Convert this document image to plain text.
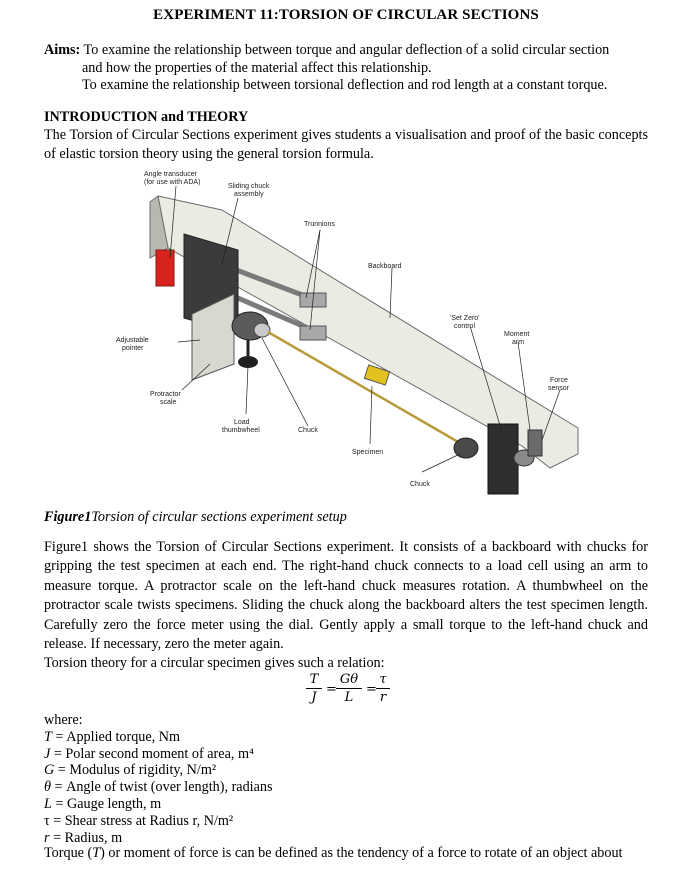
EXPERIMENT 11:TORSION OF CIRCULAR SECTIONS
Aims: To examine the relationship between torque and angular deflection of a solid circular section
and how the properties of the material affect this relationship.
To examine the relationship between torsional deflection and rod length at a constant torque.
INTRODUCTION and THEORY
The Torsion of Circular Sections experiment gives students a visualisation and proof of the basic concepts of elastic torsion theory using the general torsion formula.
Angle transducer
(for use with ADA)
Sliding chuck
assembly
Trunnions
Backboard
'Set Zero'
control
Moment
arm
Force
sensor
Adjustable
pointer
Protractor
scale
Load
thumbwheel	Chuck
Specimen
Chuck
Figure1Torsion of circular sections experiment setup
Figure1 shows the Torsion of Circular Sections experiment. It consists of a backboard with chucks for gripping the test specimen at each end. The right-hand chuck connects to a load cell using an arm to measure torque. A protractor scale on the left-hand chuck measures rotation. A thumbwheel on the protractor scale twists specimens. Sliding the chuck along the backboard alters the test specimen length. Carefully zero the force meter using the dial. Gently apply a small torque to the left-hand chuck and release. If necessary, zero the meter again.
Torsion theory for a circular specimen gives such a relation:
$\frac{T}{J} = \frac{G\theta}{L} = \frac{\tau}{r}$
where:
T = Applied torque, Nm
J = Polar second moment of area, m⁴
G = Modulus of rigidity, N/m²
θ = Angle of twist (over length), radians
L = Gauge length, m
τ = Shear stress at Radius r, N/m²
r = Radius, m
Torque (T) or moment of force is can be defined as the tendency of a force to rotate of an object about
